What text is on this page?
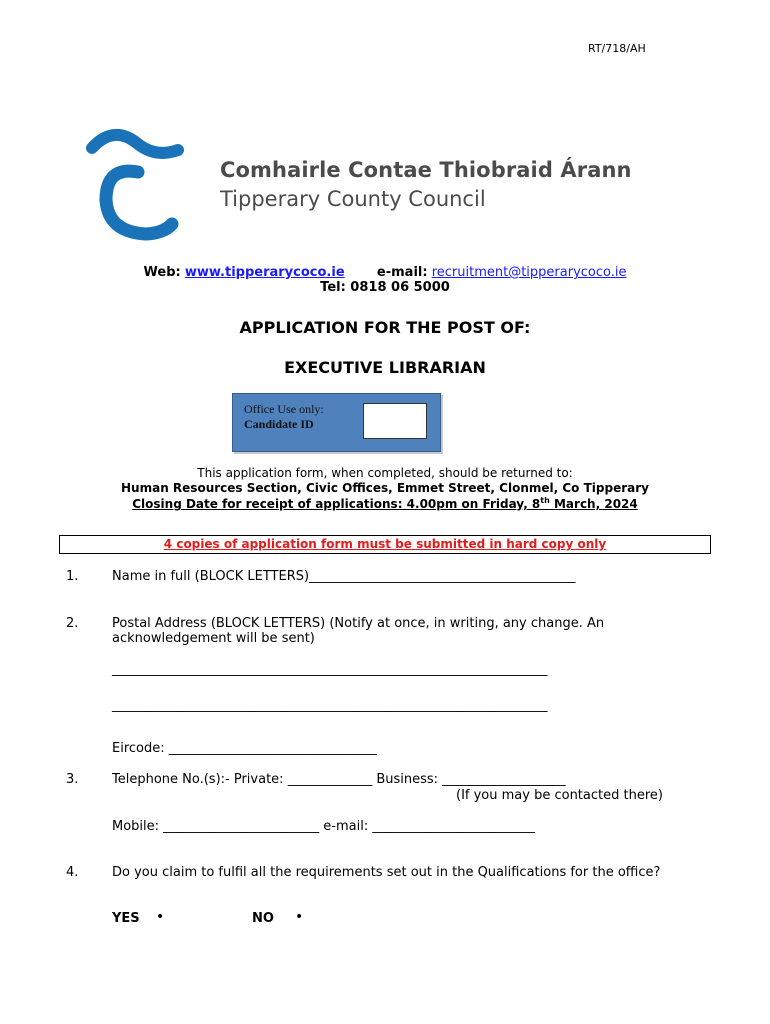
RT/718/AH
Comhairle Contae Thiobraid Árann
Tipperary County Council
Web: www.tipperarycoco.ie e-mail: recruitment@tipperarycoco.ie
Tel: 0818 06 5000
APPLICATION FOR THE POST OF:
EXECUTIVE LIBRARIAN
Office Use only:
Candidate ID
This application form, when completed, should be returned to:
Human Resources Section, Civic Offices, Emmet Street, Clonmel, Co Tipperary
Closing Date for receipt of applications: 4.00pm on Friday, 8th March, 2024
4 copies of application form must be submitted in hard copy only
1.	Name in full (BLOCK LETTERS)_________________________________________
2.	Postal Address (BLOCK LETTERS) (Notify at once, in writing, any change. An acknowledgement will be sent)
___________________________________________________________________
___________________________________________________________________
Eircode: ________________________________
3.	Telephone No.(s):- Private: _____________ Business: ___________________
(If you may be contacted there)
Mobile: ________________________ e-mail: _________________________
4.	Do you claim to fulfil all the requirements set out in the Qualifications for the office?
YES •	NO •
